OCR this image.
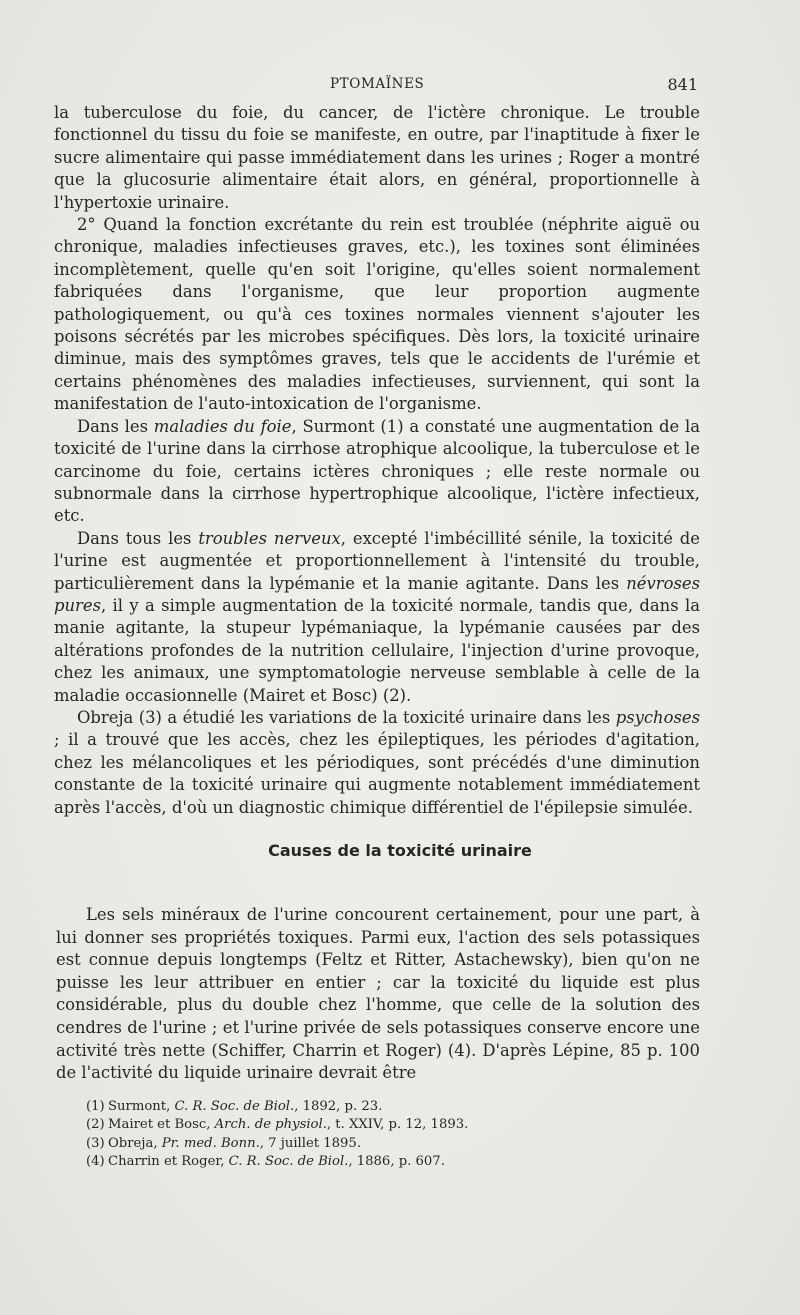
PTOMAÏNES	841

la tuberculose du foie, du cancer, de l'ictère chronique. Le trouble fonctionnel du tissu du foie se manifeste, en outre, par l'inaptitude à fixer le sucre alimentaire qui passe immédiatement dans les urines ; Roger a montré que la glucosurie alimentaire était alors, en général, proportionnelle à l'hypertoxie urinaire.

2° Quand la fonction excrétante du rein est troublée (néphrite aiguë ou chronique, maladies infectieuses graves, etc.), les toxines sont éliminées incomplètement, quelle qu'en soit l'origine, qu'elles soient normalement fabriquées dans l'organisme, que leur proportion augmente pathologiquement, ou qu'à ces toxines normales viennent s'ajouter les poisons sécrétés par les microbes spécifiques. Dès lors, la toxicité urinaire diminue, mais des symptômes graves, tels que le accidents de l'urémie et certains phénomènes des maladies infectieuses, surviennent, qui sont la manifestation de l'auto-intoxication de l'organisme.

Dans les maladies du foie, Surmont (1) a constaté une augmentation de la toxicité de l'urine dans la cirrhose atrophique alcoolique, la tuberculose et le carcinome du foie, certains ictères chroniques ; elle reste normale ou subnormale dans la cirrhose hypertrophique alcoolique, l'ictère infectieux, etc.

Dans tous les troubles nerveux, excepté l'imbécillité sénile, la toxicité de l'urine est augmentée et proportionnellement à l'intensité du trouble, particulièrement dans la lypémanie et la manie agitante. Dans les névroses pures, il y a simple augmentation de la toxicité normale, tandis que, dans la manie agitante, la stupeur lypémaniaque, la lypémanie causées par des altérations profondes de la nutrition cellulaire, l'injection d'urine provoque, chez les animaux, une symptomatologie nerveuse semblable à celle de la maladie occasionnelle (Mairet et Bosc) (2).

Obreja (3) a étudié les variations de la toxicité urinaire dans les psychoses ; il a trouvé que les accès, chez les épileptiques, les périodes d'agitation, chez les mélancoliques et les périodiques, sont précédés d'une diminution constante de la toxicité urinaire qui augmente notablement immédiatement après l'accès, d'où un diagnostic chimique différentiel de l'épilepsie simulée.

Causes de la toxicité urinaire

Les sels minéraux de l'urine concourent certainement, pour une part, à lui donner ses propriétés toxiques. Parmi eux, l'action des sels potassiques est connue depuis longtemps (Feltz et Ritter, Astachewsky), bien qu'on ne puisse les leur attribuer en entier ; car la toxicité du liquide est plus considérable, plus du double chez l'homme, que celle de la solution des cendres de l'urine ; et l'urine privée de sels potassiques conserve encore une activité très nette (Schiffer, Charrin et Roger) (4). D'après Lépine, 85 p. 100 de l'activité du liquide urinaire devrait être

(1) Surmont, C. R. Soc. de Biol., 1892, p. 23.
(2) Mairet et Bosc, Arch. de physiol., t. XXIV, p. 12, 1893.
(3) Obreja, Pr. med. Bonn., 7 juillet 1895.
(4) Charrin et Roger, C. R. Soc. de Biol., 1886, p. 607.
